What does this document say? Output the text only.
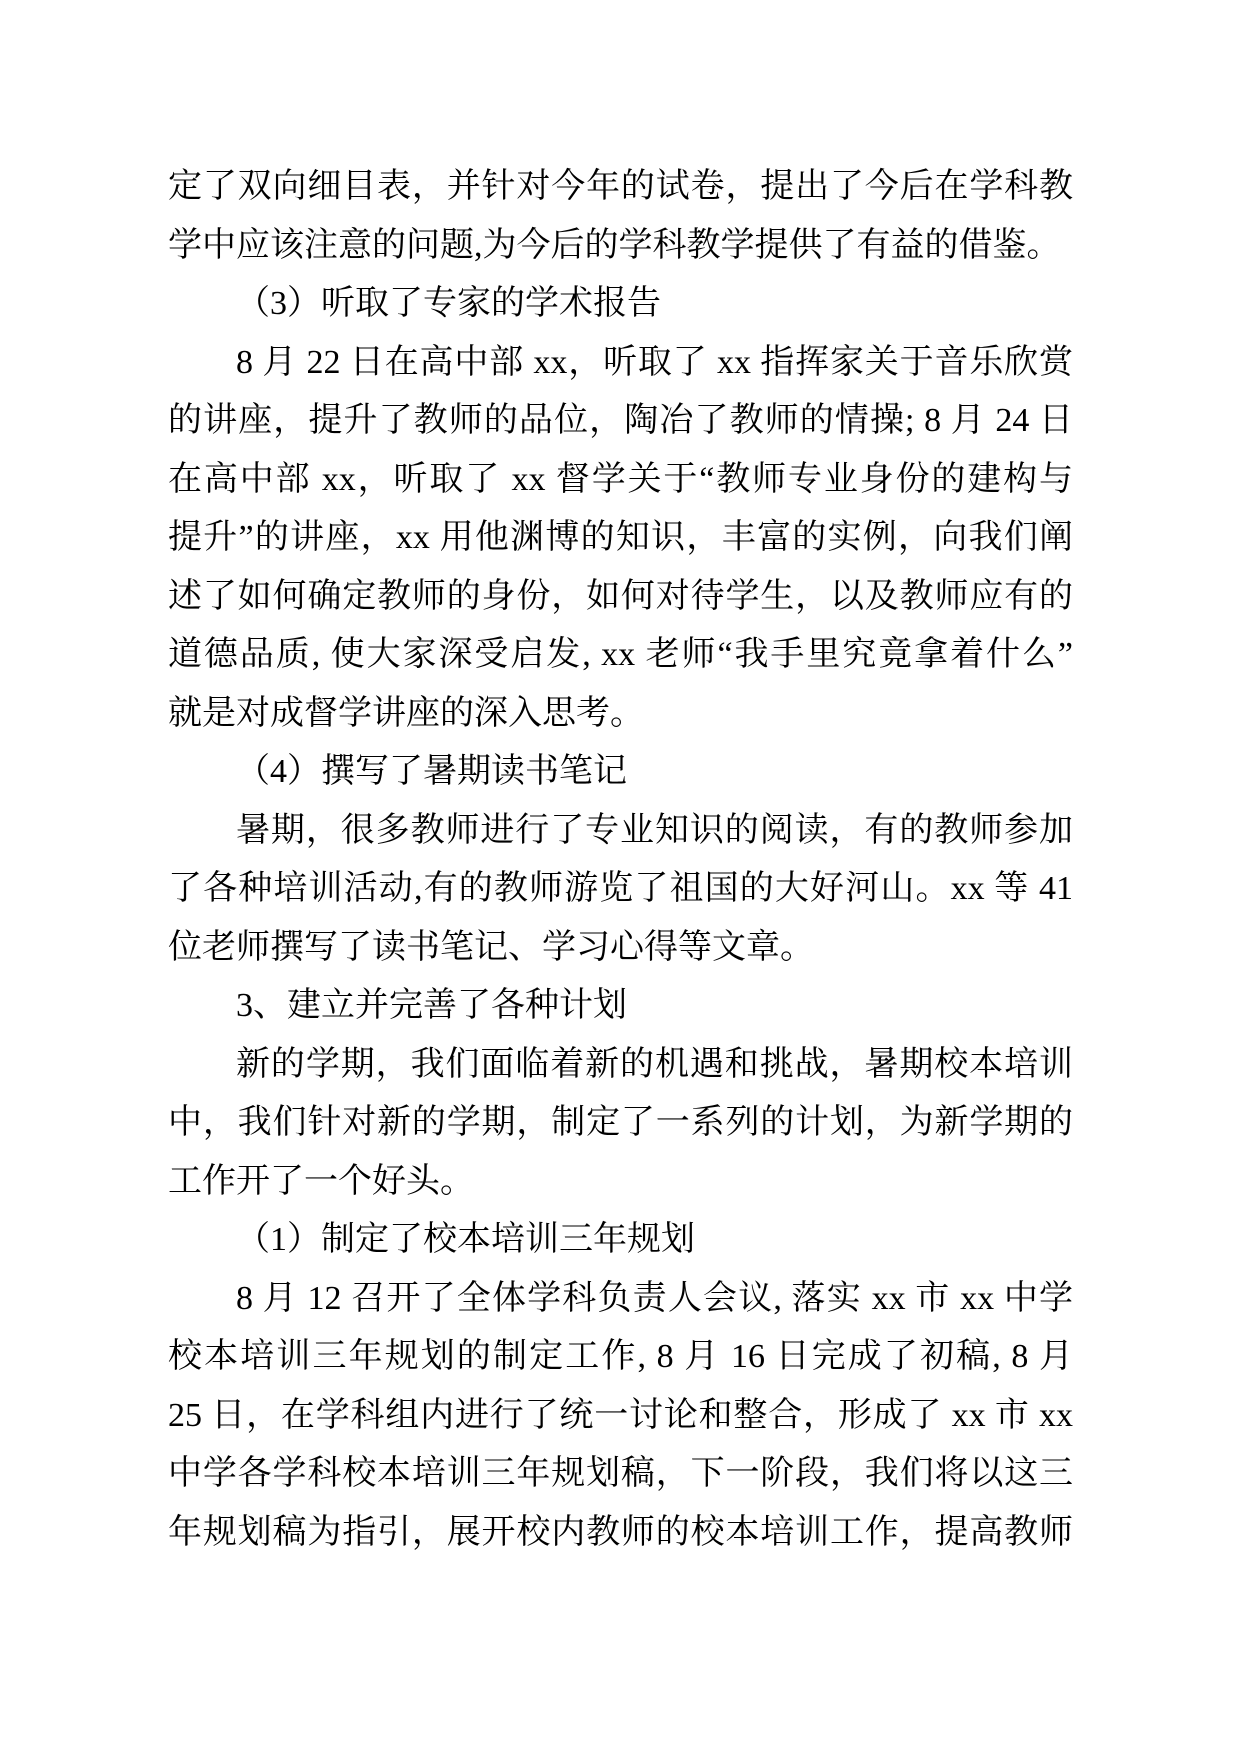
定了双向细目表，并针对今年的试卷，提出了今后在学科教
学中应该注意的问题,为今后的学科教学提供了有益的借鉴。
（3）听取了专家的学术报告
8 月 22 日在高中部 xx，听取了 xx 指挥家关于音乐欣赏
的讲座，提升了教师的品位，陶冶了教师的情操; 8 月 24 日
在高中部 xx，听取了 xx 督学关于“教师专业身份的建构与
提升”的讲座，xx 用他渊博的知识，丰富的实例，向我们阐
述了如何确定教师的身份，如何对待学生，以及教师应有的
道德品质, 使大家深受启发, xx 老师“我手里究竟拿着什么”
就是对成督学讲座的深入思考。
（4）撰写了暑期读书笔记
暑期，很多教师进行了专业知识的阅读，有的教师参加
了各种培训活动,有的教师游览了祖国的大好河山。xx 等 41
位老师撰写了读书笔记、学习心得等文章。
3、建立并完善了各种计划
新的学期，我们面临着新的机遇和挑战，暑期校本培训
中，我们针对新的学期，制定了一系列的计划，为新学期的
工作开了一个好头。
（1）制定了校本培训三年规划
8 月 12 召开了全体学科负责人会议, 落实 xx 市 xx 中学
校本培训三年规划的制定工作, 8 月 16 日完成了初稿, 8 月
25 日，在学科组内进行了统一讨论和整合，形成了 xx 市 xx
中学各学科校本培训三年规划稿，下一阶段，我们将以这三
年规划稿为指引，展开校内教师的校本培训工作，提高教师
